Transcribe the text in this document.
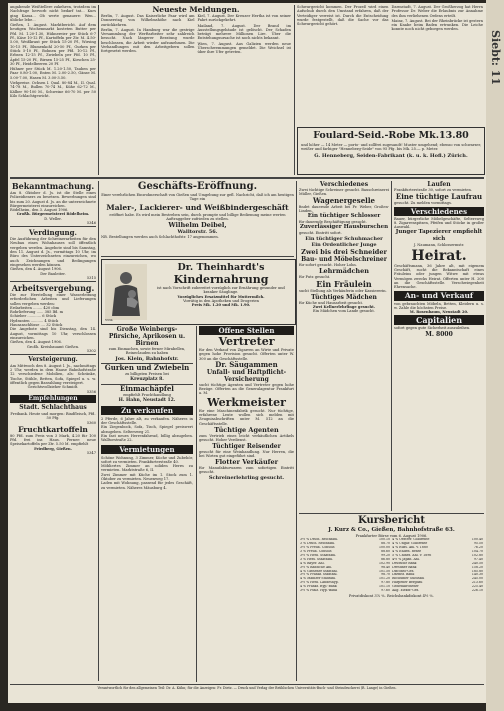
Siebt: 11

angabende Weißtellere zukehren, trotzdem im Nachfrage hervorb nicht bedarf tat... Kurs ging Kassa... Ob werte genauere: Wen... übliche lebe...

Gießen, 1. August. Marktbericht. Auf dem heutigen Wochenmarkt kosteten Butter per Pfd. M. 1.20-1.30, Hühnereier per Stück 6-7 Pf., Käse 10-12 Pf., Kartoffeln per Ztr. M. 4.50-5.00, Weißkraut per Stück 15-20 Pf., Wirsing 10-15 Pf., Blumenkohl 20-50 Pf., Gurken per Stück 5-10 Pf., Bohnen per Pfd. 10-12 Pf., Erbsen 12-15 Pf., Zwiebeln per Pfd. 10 Pf., Äpfel 15-20 Pf., Birnen 15-25 Pf., Kirschen 25-30 Pf., Heidelbeeren 20 Pf.

Hühner per Stück M. 1.20-1.50, Tauben per Paar 0.80-1.00, Enten M. 2.00-2.50, Gänse M. 5.00-7.00, Hasen M. 3.00-3.50.

Viehpreise. Ochsen I. Qual. 80-84 M., II. Qual. 74-78 M., Bullen 70-74 M., Kühe 62-72 M., Kälber 90-100 M., Schweine 66-70 M. per 50 Kilo Schlachtgewicht.

Neueste Meldungen.

Berlin, 7. August. Das Kaiserliche Paar wird am Donnerstag von Wilhelmshöhe nach Kiel zurückkehren.

Berlin, 7. August. In Hamburg war die gestrige Versammlung der Werftarbeiter sehr zahlreich besucht. Nach längerer Beratung wurde beschlossen, die Arbeit wieder aufzunehmen. Die Verhandlungen mit den Arbeitgebern sollen fortgesetzt werden.

Kiel, 7. August. Der Kreuzer Hertha ist von seiner Fahrt zurückgekehrt.

Mailand, 7. August. Der Brand im Ausstellungsgebäude ist gelöscht. Der Schaden beträgt mehrere Millionen Lire. Über die Entstehungsursache ist noch nichts bekannt.

Wien, 7. August. Aus Galizien werden neue Überschwemmungen gemeldet. Die Weichsel ist über ihre Ufer getreten.

Schwurgericht kommen. Der Prozeß wird einen Aufschub durch den Umstand erfahren, daß der Verteidiger verreist ist. Durch die Entscheidung wurde festgestellt, daß die Sache vor das Schwurgericht gehört.

Darmstadt, 7. August. Der Großherzog hat Herrn Professor Dr. Weber die Erlaubnis zur Annahme des ihm verliehenen Ordens erteilt.

Mainz, 7. August. Bei der Rheinbrücke ist gestern ein Knabe beim Baden ertrunken. Die Leiche konnte noch nicht geborgen werden.

Foulard-Seid.-Robe Mk.13.80
und höher — 14 Meter — porto- und zollfrei zugesandt! Muster umgehend; ebenso von schwarzer, weißer und farbiger "Henneberg-Seide" von 95 Pfg. bis Mk. 25.— p. Meter.
G. Henneberg, Seiden-Fabrikant (k. u. k. Hofl.) Zürich.
Bekanntmachung.
Am 8. Oktober d. Js. ist die Stelle eines Polizeidieners zu besetzen. Bewerbungen sind bis zum 20. August d. Js. an die unterzeichnete Bürgermeisterei einzureichen.
Rödelheim, den 3. August 1906.
Großh. Bürgermeisterei Rödelheim.
D. Weller.
5346
Verdingung.
Die Ausführung der Schreinerarbeiten für den Neubau eines Wohnhauses soll öffentlich vergeben werden. Angebote sind bis Samstag, den 11. August d. Js., vormittags 10 Uhr, im Büro des Unterzeichneten einzureichen, wo auch Zeichnungen und Bedingungen eingesehen werden können.
Gießen, den 4. August 1906.
Der Bauleiter.
5315
Arbeitsvergebung.
Die zur Herstellung einer Wasserleitung erforderlichen Arbeiten und Lieferungen sollen vergeben werden:
Erdarbeiten ........ 420 cbm
Rohrlieferung ...... 385 lfd. m
Schieber ............ 6 Stück
Hydranten ........... 4 Stück
Hausanschlüsse .... 32 Stück
Die Angebote sind bis Dienstag, den 14. August, vormittags 10 Uhr, verschlossen einzureichen.
Gießen, den 4. August 1906.
Großh. Kreisbauamt Gießen.
5302
Versteigerung.
Am Mittwoch den 8. August l. Js., nachmittags 2 Uhr, werden in dem Hause Bahnhofstraße 12 verschiedene Mobilien, als: Schränke, Tische, Stühle, Betten, Sofa, Spiegel u. s. w. öffentlich gegen Barzahlung versteigert.
Gerichtsvollzieher Schmidt.
5356
Empfehlungen
Stadt. Schlachthaus
Freibank. Heute und morgen: Rindfleisch, Pfd. 50 Pfg.
5360
Fruchtkartoffeln
80 Pfd. zum Preis von 3 Mark, 4.20 für 100 Pfd. frei ins Haus. Ferner: neue Speisekartoffeln per Ztr. 5.50 M. empfiehlt
Friedberg, Gießen.
5347
Geschäfts-Eröffnung.
Einer verehrlichen Einwohnerschaft von Gießen und Umgebung zur gefl. Nachricht, daß ich am heutigen Tage ein
Maler-, Lackierer- und Weißbindergeschäft
eröffnet habe. Es wird mein Bestreben sein, durch prompte und billige Bedienung meine werten Auftraggeber zufrieden zu stellen.
Wilhelm Deibel,
Walltorstr. 56.
NB. Bestellungen werden auch Schlachthofstr. 17 angenommen.
5334
Dr. Theinhardt's
Kindernahrung
ist nach Vorschrift zubereitet vorzüglich zur Ernährung gesunder und kranker Säuglinge.
Vorzügliches Ersatzmittel für Muttermilch.
Vorrätig in den Apotheken und Drogerien
Preis Mk. 1.20 und Mk. 1.90.
Große Weinbergs-Pfirsiche, Aprikosen u. Birnen
zum Einmachen, sowie ferner Mirabellen, Reineclauden zu haben
Jos. Klein, Bahnhofstr.
Gurken und Zwiebeln
zu billigsten Preisen bei
Kreuzplatz 8.
Einmachäpfel
empfiehlt Fruchthandlung
H. Hahn, Neustadt 12.
Zu verkaufen
2 Pferde, 6 Jahre alt, zu verkaufen. Näheres in der Geschäftsstelle.
Ein Ziegenbock, Sofa, Tisch, Spiegel preiswert abzugeben. Seltersweg 21.
Ein fast neues Herrenfahrrad, billig abzugeben. Walltorstraße 22.
Vermietungen
Schöne Wohnung, 3 Zimmer, Küche und Zubehör, sofort zu vermieten. Frankfurterstraße 40.
Möbliertes Zimmer an soliden Herrn zu vermieten. Marktstraße 6, II.
Zwei Zimmer mit Küche im 1. Stock zum 1. Oktober zu vermieten. Neuenweg 17.
Laden mit Wohnung, passend für jedes Geschäft, zu vermieten. Näheres Mäusburg 4.
Offene Stellen
Vertreter
für den Verkauf von Zigarren an Wirte und Private gegen hohe Provision gesucht. Offerten unter W. 300 an die Geschäftsstelle.
Dr. Säugammen
Unfall- und Haftpflicht-Versicherung
sucht tüchtige Agenten und Vertreter gegen hohe Bezüge. Offerten an die Generalagentur Frankfurt a. M.
Werkmeister
für eine Maschinenfabrik gesucht. Nur tüchtige, erfahrene Leute wollen sich melden mit Zeugnisabschriften unter M. 512 an die Geschäftsstelle.
Tüchtige Agenten
zum Vertrieb eines leicht verkäuflichen Artikels gesucht. Hoher Verdienst.
Tüchtiger Reisender
gesucht für eine Weinhandlung. Nur Herren, die bei Wirten gut eingeführt sind.
Flotter Verkäufer
für Manufakturwaren zum sofortigen Eintritt gesucht.
Schreinerlehrling gesucht.
Verschiedenes
Zwei tüchtige Schreiner gesucht. Bauschreinerei Müller, Gießen.
Wagenergeselle
findet dauernde Arbeit bei Fr. Weber, Großen-Linden.
Ein tüchtiger Schlosser
für dauernde Beschäftigung gesucht.
Zuverlässiger Hausburschen
gesucht. Eintritt sofort.
Ein tüchtiger Schuhmacher
Ein Ordentlicher Junge
Zwei bis drei Schneider
Bau- und Möbelschreiner
für sofort gesucht. Hoher Lohn.
Lehrmädchen
für Putz gesucht.
Ein Fräulein
sucht Stellung als Verkäuferin oder Kassiererin.
Tüchtiges Mädchen
für Küche und Hausarbeit gesucht.
Zwei Kellnerlehrlinge gesucht.
Ein Mädchen vom Lande gesucht.
Laufen
Frankfurterstraße 30, sofort zu vermieten.
Eine tüchtige Laufrau
gesucht. Zu melden vormittags.
Verschiedenes
Bauer, bürgerliche Möbelgeschäfte, Seltersweg 8. Zigarrenspitzen, Pfeifen und Stöcke in großer Auswahl.
Junger Tapezierer empfiehlt sich
J. Naumann, Schlossermstr.
Heirat.
Geschäftsmann, 36 Jahre alt, mit eigenem Geschäft, sucht die Bekanntschaft eines Fräuleins oder jungen Witwe mit etwas Vermögen zwecks Heirat. Offerten unter H. 200 an die Geschäftsstelle. Verschwiegenheit Ehrensache.
An- und Verkauf
von gebrauchten Möbeln, Betten, Kleidern u. s. w. Zahle die höchsten Preise.
M. Rosenbaum, Neustadt 20.
Capitalien
sofort gegen gute Sicherheit auszuleihen.
M. 8000
Kursbericht
J. Kurz & Co., Gießen, Bahnhofstraße 63.
Frankfurter Börse vom 6. August 1906.
3½ % Dtsch. Reichsanl.	100.10	4 % Oesterr. Goldrente	100.40
3 % Dtsch. Reichsanl.	88.70	4 % Ungar. Goldrente	95.50
3½ % Preuß. Consols	100.00	4 % Russ. Anl. v. 1880	76.20
3 % Preuß. Consols	88.60	4 % Italien. Rente	104.70
3½ % Hess. Staatsanl.	99.20	5 % Chines. Anl. v. 1896	102.80
3 % Hess. Staatsanl.	86.80	4½ % Japan. Anl.	97.40
4 % Bayer. Anl.	102.90	Deutsche Bank	240.50
3½ % Badische Anl.	98.40	Dresdner Bank	158.20
4 % Gießener Stadtanl.	101.50	Disconto-Ges.	185.80
3½ % Frankf. Stadtanl.	98.70	Darmst. Bank	140.30
4 % Mainzer Stadtanl.	101.20	Bochumer Gußstahl	245.00
3½ % Hess. Landeshyp.	97.80	Harpener Bergbau	213.60
4 % Frankf. Hyp.-Bank	101.10	Gelsenkirchener	225.40
3½ % Pfälz. Hyp.-Bank	97.60	Allg. Elektr.-Ges.	226.10
Privatdiskont 3⅞ %. Reichsbankdiskont 4½ %.
Verantwortlich für den allgemeinen Teil: Dr. A. Kühn; für die Anzeigen: Fr. Dietz. — Druck und Verlag der Brühlschen Universitäts-Buch- und Steindruckerei (R. Lange) in Gießen.
